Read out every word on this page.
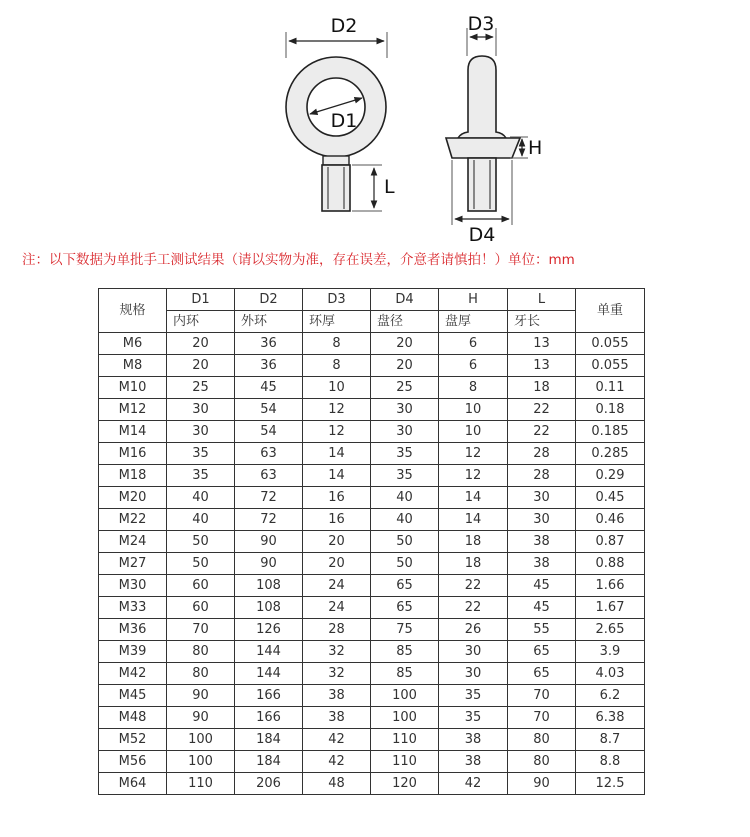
D2
D1
L
D3
H
D4
注：以下数据为单批手工测试结果（请以实物为准，存在误差，介意者请慎拍！）单位：mm
规格	D1	D2	D3	D4	H	L	单重
	内环	外环	环厚	盘径	盘厚	牙长	
M6	20	36	8	20	6	13	0.055
M8	20	36	8	20	6	13	0.055
M10	25	45	10	25	8	18	0.11
M12	30	54	12	30	10	22	0.18
M14	30	54	12	30	10	22	0.185
M16	35	63	14	35	12	28	0.285
M18	35	63	14	35	12	28	0.29
M20	40	72	16	40	14	30	0.45
M22	40	72	16	40	14	30	0.46
M24	50	90	20	50	18	38	0.87
M27	50	90	20	50	18	38	0.88
M30	60	108	24	65	22	45	1.66
M33	60	108	24	65	22	45	1.67
M36	70	126	28	75	26	55	2.65
M39	80	144	32	85	30	65	3.9
M42	80	144	32	85	30	65	4.03
M45	90	166	38	100	35	70	6.2
M48	90	166	38	100	35	70	6.38
M52	100	184	42	110	38	80	8.7
M56	100	184	42	110	38	80	8.8
M64	110	206	48	120	42	90	12.5
